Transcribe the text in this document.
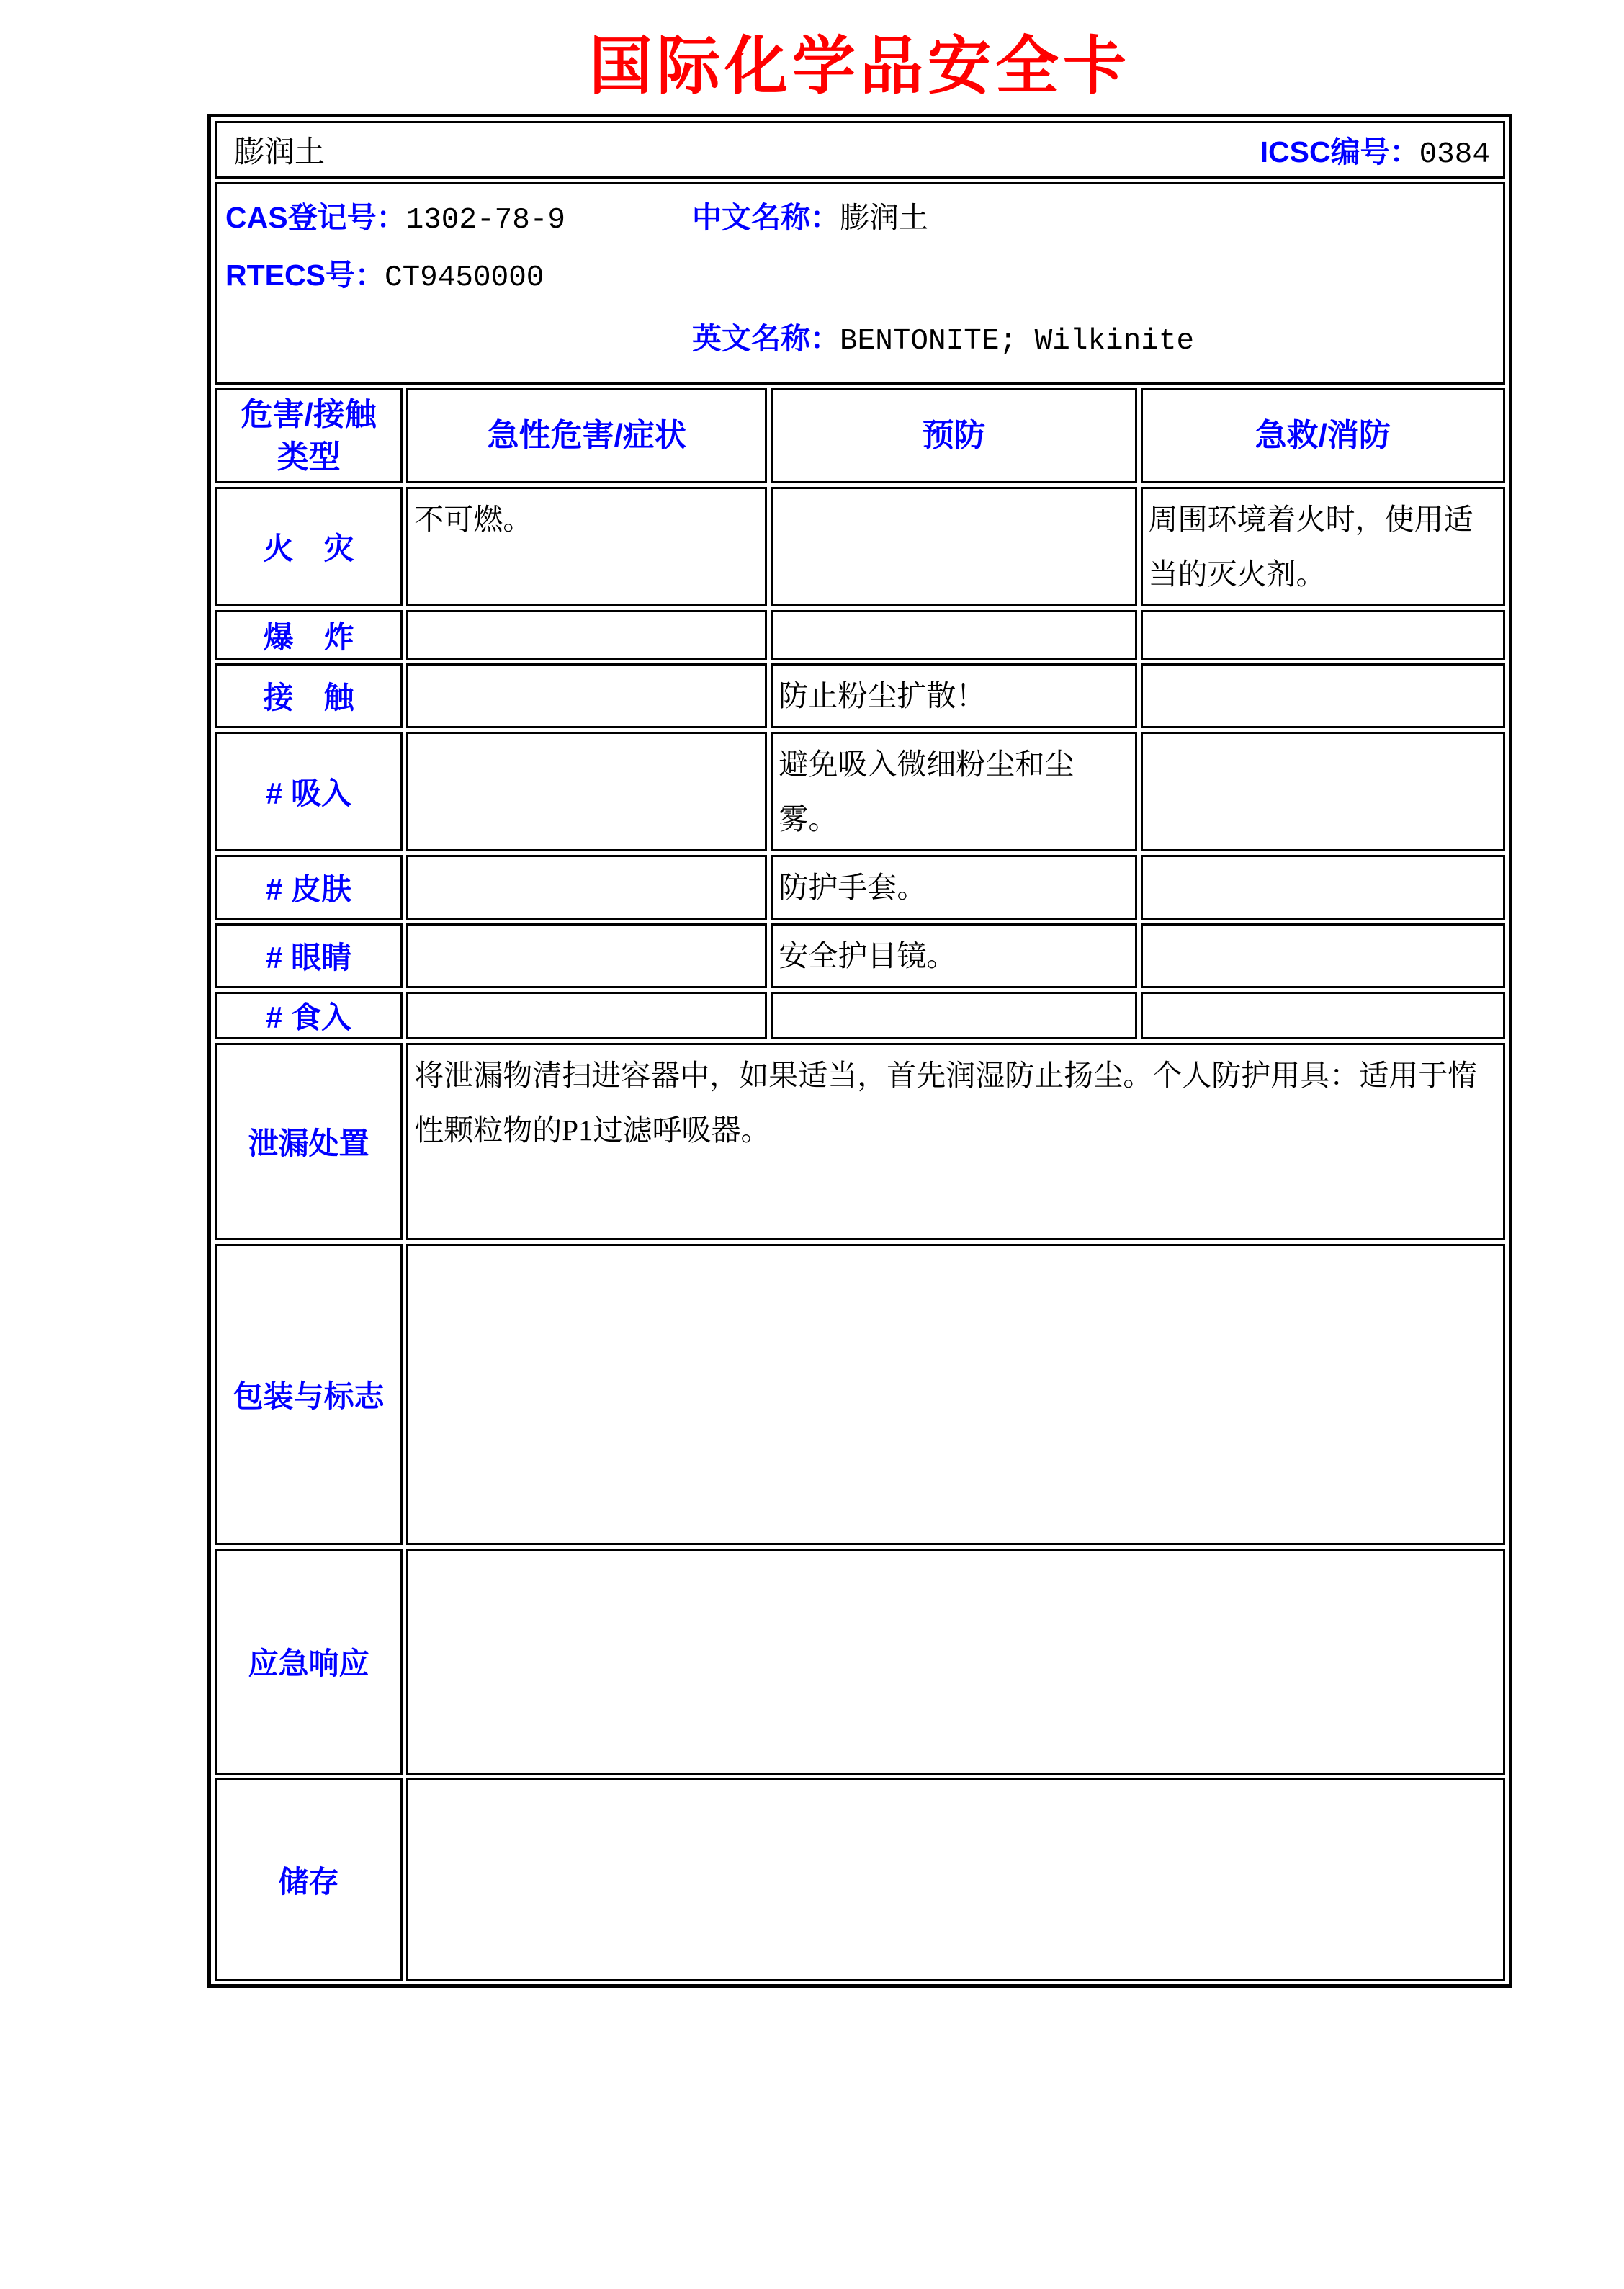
国际化学品安全卡
膨润土 ICSC编号：0384			

CAS登记号：1302-78-9
RTECS号：CT9450000
中文名称：膨润土
英文名称：BENTONITE; Wilkinite			

危害/接触
类型	急性危害/症状	预防	急救/消防
火　灾	不可燃。		周围环境着火时，使用适当的灭火剂。
爆　炸			
接　触		防止粉尘扩散！	
# 吸入		避免吸入微细粉尘和尘雾。	
# 皮肤		防护手套。	
# 眼睛		安全护目镜。	
# 食入			
泄漏处置	将泄漏物清扫进容器中，如果适当，首先润湿防止扬尘。个人防护用具：适用于惰性颗粒物的P1过滤呼吸器。		
包装与标志			
应急响应			
储存			
